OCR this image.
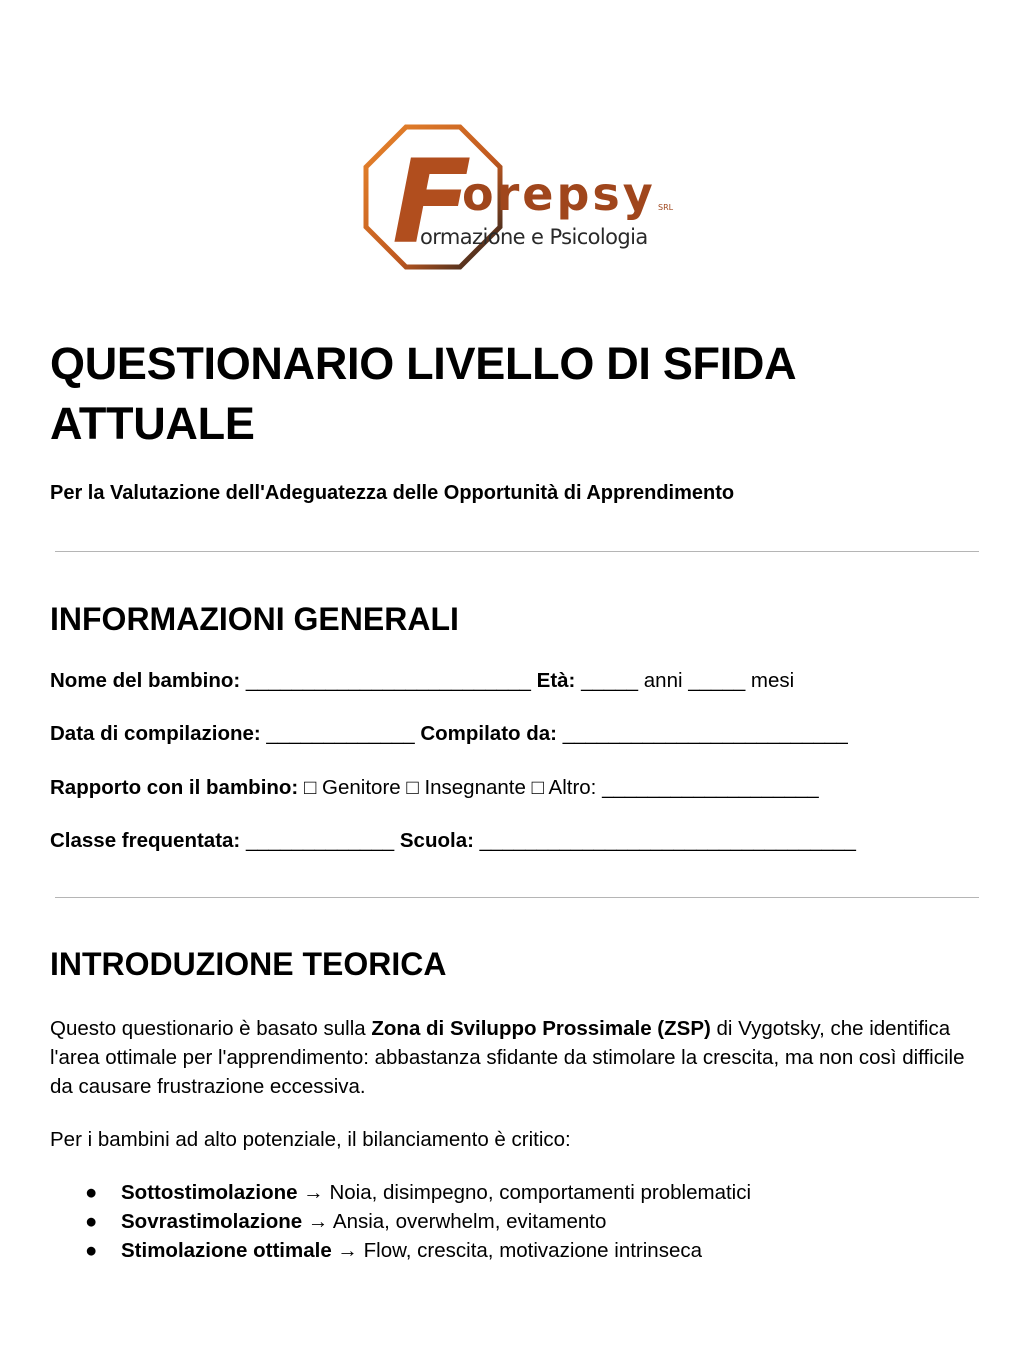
F
orepsy SRL
ormazione e Psicologia
QUESTIONARIO LIVELLO DI SFIDA ATTUALE

Per la Valutazione dell'Adeguatezza delle Opportunità di Apprendimento

INFORMAZIONI GENERALI

Nome del bambino: _________________________ Età: _____ anni _____ mesi

Data di compilazione: _____________ Compilato da: _________________________

Rapporto con il bambino: □ Genitore □ Insegnante □ Altro: ___________________

Classe frequentata: _____________ Scuola: _________________________________

INTRODUZIONE TEORICA

Questo questionario è basato sulla Zona di Sviluppo Prossimale (ZSP) di Vygotsky, che identifica l'area ottimale per l'apprendimento: abbastanza sfidante da stimolare la crescita, ma non così difficile da causare frustrazione eccessiva.

Per i bambini ad alto potenziale, il bilanciamento è critico:

● Sottostimolazione → Noia, disimpegno, comportamenti problematici
● Sovrastimolazione → Ansia, overwhelm, evitamento
● Stimolazione ottimale → Flow, crescita, motivazione intrinseca
